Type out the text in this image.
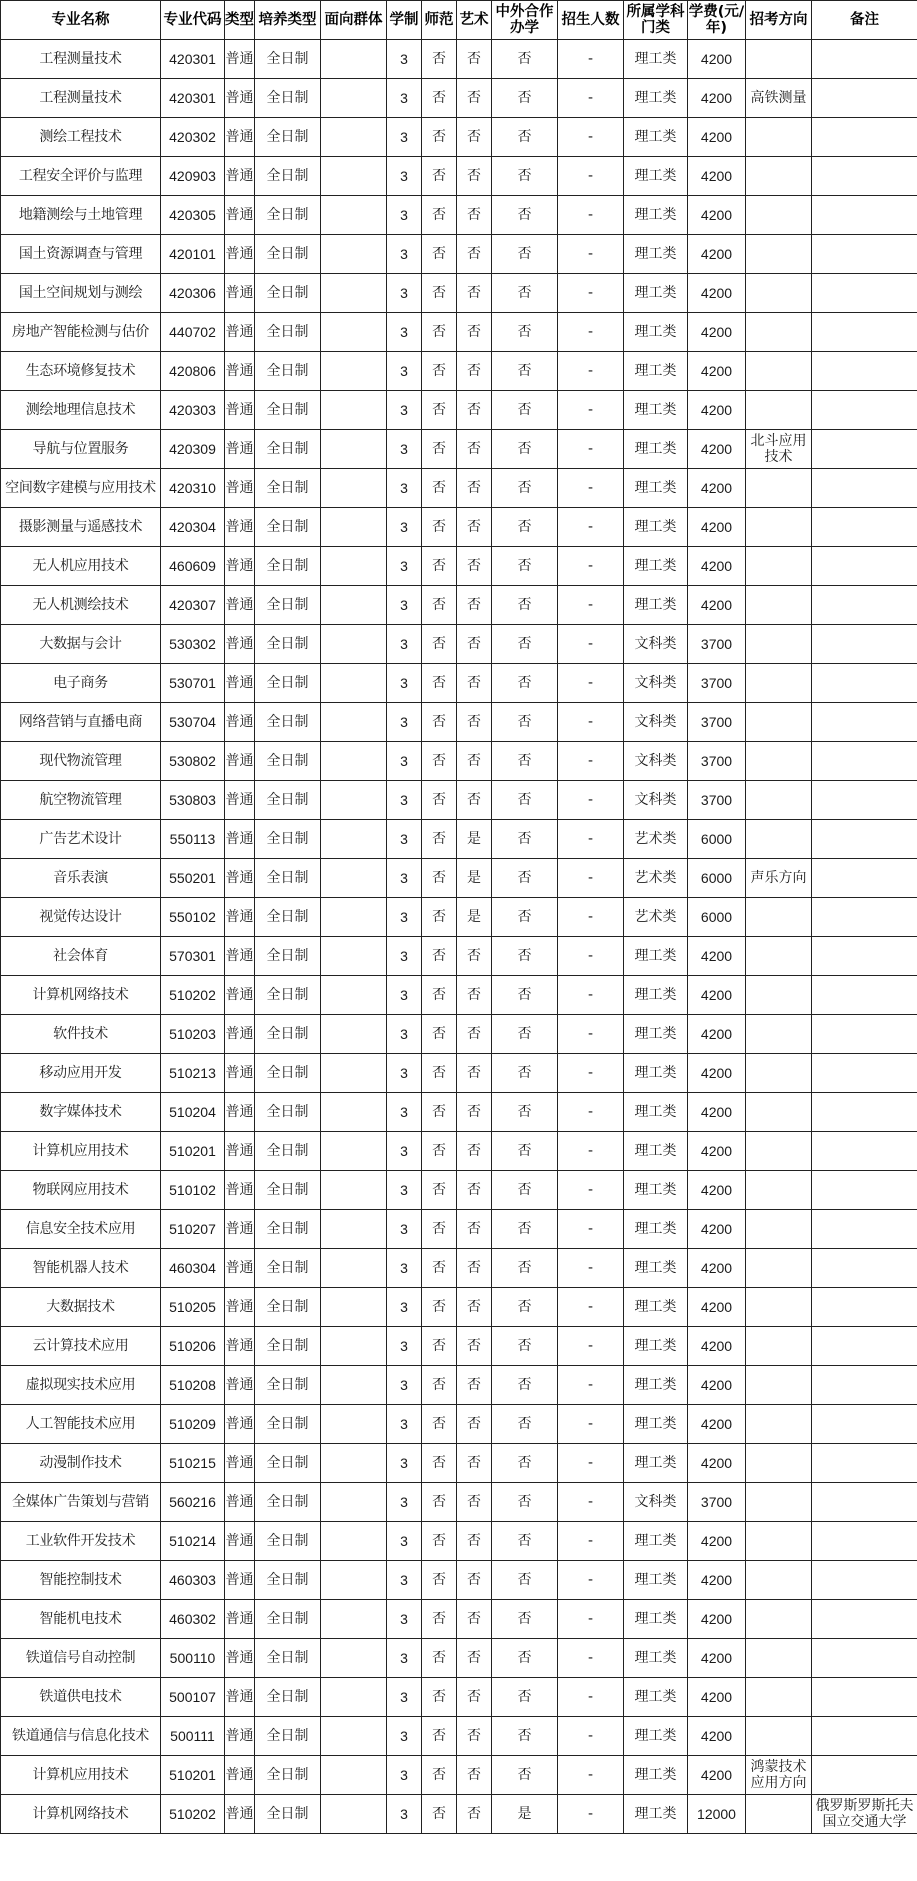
专业名称	专业代码	类型	培养类型	面向群体	学制	师范	艺术	中外合作办学	招生人数	所属学科门类	学费(元/年)	招考方向	备注
工程测量技术	420301	普通	全日制		3	否	否	否	-	理工类	4200		
工程测量技术	420301	普通	全日制		3	否	否	否	-	理工类	4200	高铁测量	
测绘工程技术	420302	普通	全日制		3	否	否	否	-	理工类	4200		
工程安全评价与监理	420903	普通	全日制		3	否	否	否	-	理工类	4200		
地籍测绘与土地管理	420305	普通	全日制		3	否	否	否	-	理工类	4200		
国土资源调查与管理	420101	普通	全日制		3	否	否	否	-	理工类	4200		
国土空间规划与测绘	420306	普通	全日制		3	否	否	否	-	理工类	4200		
房地产智能检测与估价	440702	普通	全日制		3	否	否	否	-	理工类	4200		
生态环境修复技术	420806	普通	全日制		3	否	否	否	-	理工类	4200		
测绘地理信息技术	420303	普通	全日制		3	否	否	否	-	理工类	4200		
导航与位置服务	420309	普通	全日制		3	否	否	否	-	理工类	4200	北斗应用技术	
空间数字建模与应用技术	420310	普通	全日制		3	否	否	否	-	理工类	4200		
摄影测量与遥感技术	420304	普通	全日制		3	否	否	否	-	理工类	4200		
无人机应用技术	460609	普通	全日制		3	否	否	否	-	理工类	4200		
无人机测绘技术	420307	普通	全日制		3	否	否	否	-	理工类	4200		
大数据与会计	530302	普通	全日制		3	否	否	否	-	文科类	3700		
电子商务	530701	普通	全日制		3	否	否	否	-	文科类	3700		
网络营销与直播电商	530704	普通	全日制		3	否	否	否	-	文科类	3700		
现代物流管理	530802	普通	全日制		3	否	否	否	-	文科类	3700		
航空物流管理	530803	普通	全日制		3	否	否	否	-	文科类	3700		
广告艺术设计	550113	普通	全日制		3	否	是	否	-	艺术类	6000		
音乐表演	550201	普通	全日制		3	否	是	否	-	艺术类	6000	声乐方向	
视觉传达设计	550102	普通	全日制		3	否	是	否	-	艺术类	6000		
社会体育	570301	普通	全日制		3	否	否	否	-	理工类	4200		
计算机网络技术	510202	普通	全日制		3	否	否	否	-	理工类	4200		
软件技术	510203	普通	全日制		3	否	否	否	-	理工类	4200		
移动应用开发	510213	普通	全日制		3	否	否	否	-	理工类	4200		
数字媒体技术	510204	普通	全日制		3	否	否	否	-	理工类	4200		
计算机应用技术	510201	普通	全日制		3	否	否	否	-	理工类	4200		
物联网应用技术	510102	普通	全日制		3	否	否	否	-	理工类	4200		
信息安全技术应用	510207	普通	全日制		3	否	否	否	-	理工类	4200		
智能机器人技术	460304	普通	全日制		3	否	否	否	-	理工类	4200		
大数据技术	510205	普通	全日制		3	否	否	否	-	理工类	4200		
云计算技术应用	510206	普通	全日制		3	否	否	否	-	理工类	4200		
虚拟现实技术应用	510208	普通	全日制		3	否	否	否	-	理工类	4200		
人工智能技术应用	510209	普通	全日制		3	否	否	否	-	理工类	4200		
动漫制作技术	510215	普通	全日制		3	否	否	否	-	理工类	4200		
全媒体广告策划与营销	560216	普通	全日制		3	否	否	否	-	文科类	3700		
工业软件开发技术	510214	普通	全日制		3	否	否	否	-	理工类	4200		
智能控制技术	460303	普通	全日制		3	否	否	否	-	理工类	4200		
智能机电技术	460302	普通	全日制		3	否	否	否	-	理工类	4200		
铁道信号自动控制	500110	普通	全日制		3	否	否	否	-	理工类	4200		
铁道供电技术	500107	普通	全日制		3	否	否	否	-	理工类	4200		
铁道通信与信息化技术	500111	普通	全日制		3	否	否	否	-	理工类	4200		
计算机应用技术	510201	普通	全日制		3	否	否	否	-	理工类	4200	鸿蒙技术应用方向	
计算机网络技术	510202	普通	全日制		3	否	否	是	-	理工类	12000		俄罗斯罗斯托夫国立交通大学
